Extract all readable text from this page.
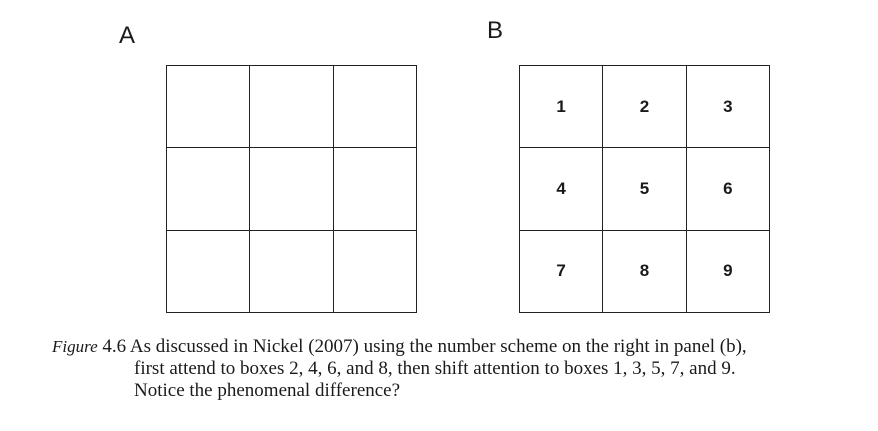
A	B
1	2	3
4	5	6
7	8	9
Figure 4.6 As discussed in Nickel (2007) using the number scheme on the right in panel (b),
first attend to boxes 2, 4, 6, and 8, then shift attention to boxes 1, 3, 5, 7, and 9.
Notice the phenomenal difference?
